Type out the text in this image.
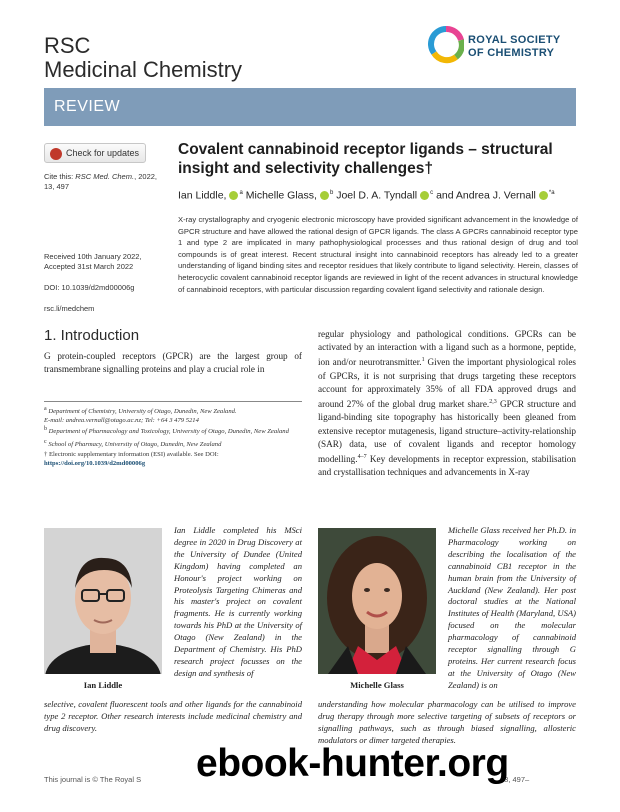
RSC
Medicinal Chemistry
ROYAL SOCIETY
OF CHEMISTRY
REVIEW
Check for updates
Cite this: RSC Med. Chem., 2022, 13, 497
Received 10th January 2022,
Accepted 31st March 2022
DOI: 10.1039/d2md00006g
rsc.li/medchem
Covalent cannabinoid receptor ligands – structural insight and selectivity challenges†
Ian Liddle, $^a$ Michelle Glass, $^b$ Joel D. A. Tyndall $^c$ and Andrea J. Vernall $^{*a}$
X-ray crystallography and cryogenic electronic microscopy have provided significant advancement in the knowledge of GPCR structure and have allowed the rational design of GPCR ligands. The class A GPCRs cannabinoid receptor type 1 and type 2 are implicated in many pathophysiological processes and thus rational design of drug and tool compounds is of great interest. Recent structural insight into cannabinoid receptors has already led to a greater understanding of ligand binding sites and receptor residues that likely contribute to ligand selectivity. Herein, classes of heterocyclic covalent cannabinoid receptor ligands are reviewed in light of the recent advances in structural knowledge of cannabinoid receptors, with particular discussion regarding covalent ligand selectivity and rationale design.
1. Introduction
G protein-coupled receptors (GPCR) are the largest group of transmembrane signalling proteins and play a crucial role in
regular physiology and pathological conditions. GPCRs can be activated by an interaction with a ligand such as a hormone, peptide, ion and/or neurotransmitter.$^1$ Given the important physiological roles of GPCRs, it is not surprising that drugs targeting these receptors account for approximately 35% of all FDA approved drugs and around 27% of the global drug market share.$^{2,3}$ GPCR structure and ligand-binding site topography has historically been gleaned from extensive receptor mutagenesis, ligand structure–activity-relationship (SAR) data, use of covalent ligands and receptor homology modelling.$^{4-7}$ Key developments in receptor expression, stabilisation and crystallisation techniques and advancements in X-ray
$^a$ Department of Chemistry, University of Otago, Dunedin, New Zealand.
E-mail: andrea.vernall@otago.ac.nz; Tel: +64 3 479 5214
$^b$ Department of Pharmacology and Toxicology, University of Otago, Dunedin, New Zealand
$^c$ School of Pharmacy, University of Otago, Dunedin, New Zealand
† Electronic supplementary information (ESI) available. See DOI: https://doi.org/10.1039/d2md00006g
Ian Liddle
Ian Liddle completed his MSci degree in 2020 in Drug Discovery at the University of Dundee (United Kingdom) having completed an Honour's project working on Proteolysis Targeting Chimeras and his master's project on covalent fragments. He is currently working towards his PhD at the University of Otago (New Zealand) in the Department of Chemistry. His PhD research project focusses on the design and synthesis of
selective, covalent fluorescent tools and other ligands for the cannabinoid type 2 receptor. Other research interests include medicinal chemistry and drug discovery.
Michelle Glass
Michelle Glass received her Ph.D. in Pharmacology working on describing the localisation of the cannabinoid CB1 receptor in the human brain from the University of Auckland (New Zealand). Her post doctoral studies at the National Institutes of Health (Maryland, USA) focused on the molecular pharmacology of cannabinoid receptor signalling through G proteins. Her current research focus at the University of Otago (New Zealand) is on
understanding how molecular pharmacology can be utilised to improve drug therapy through more selective targeting of subsets of receptors or signalling pathways, such as through biased signalling, allosteric modulators or dimer targeted therapies.
This journal is © The Royal S	13, 497–
ebook-hunter.org
